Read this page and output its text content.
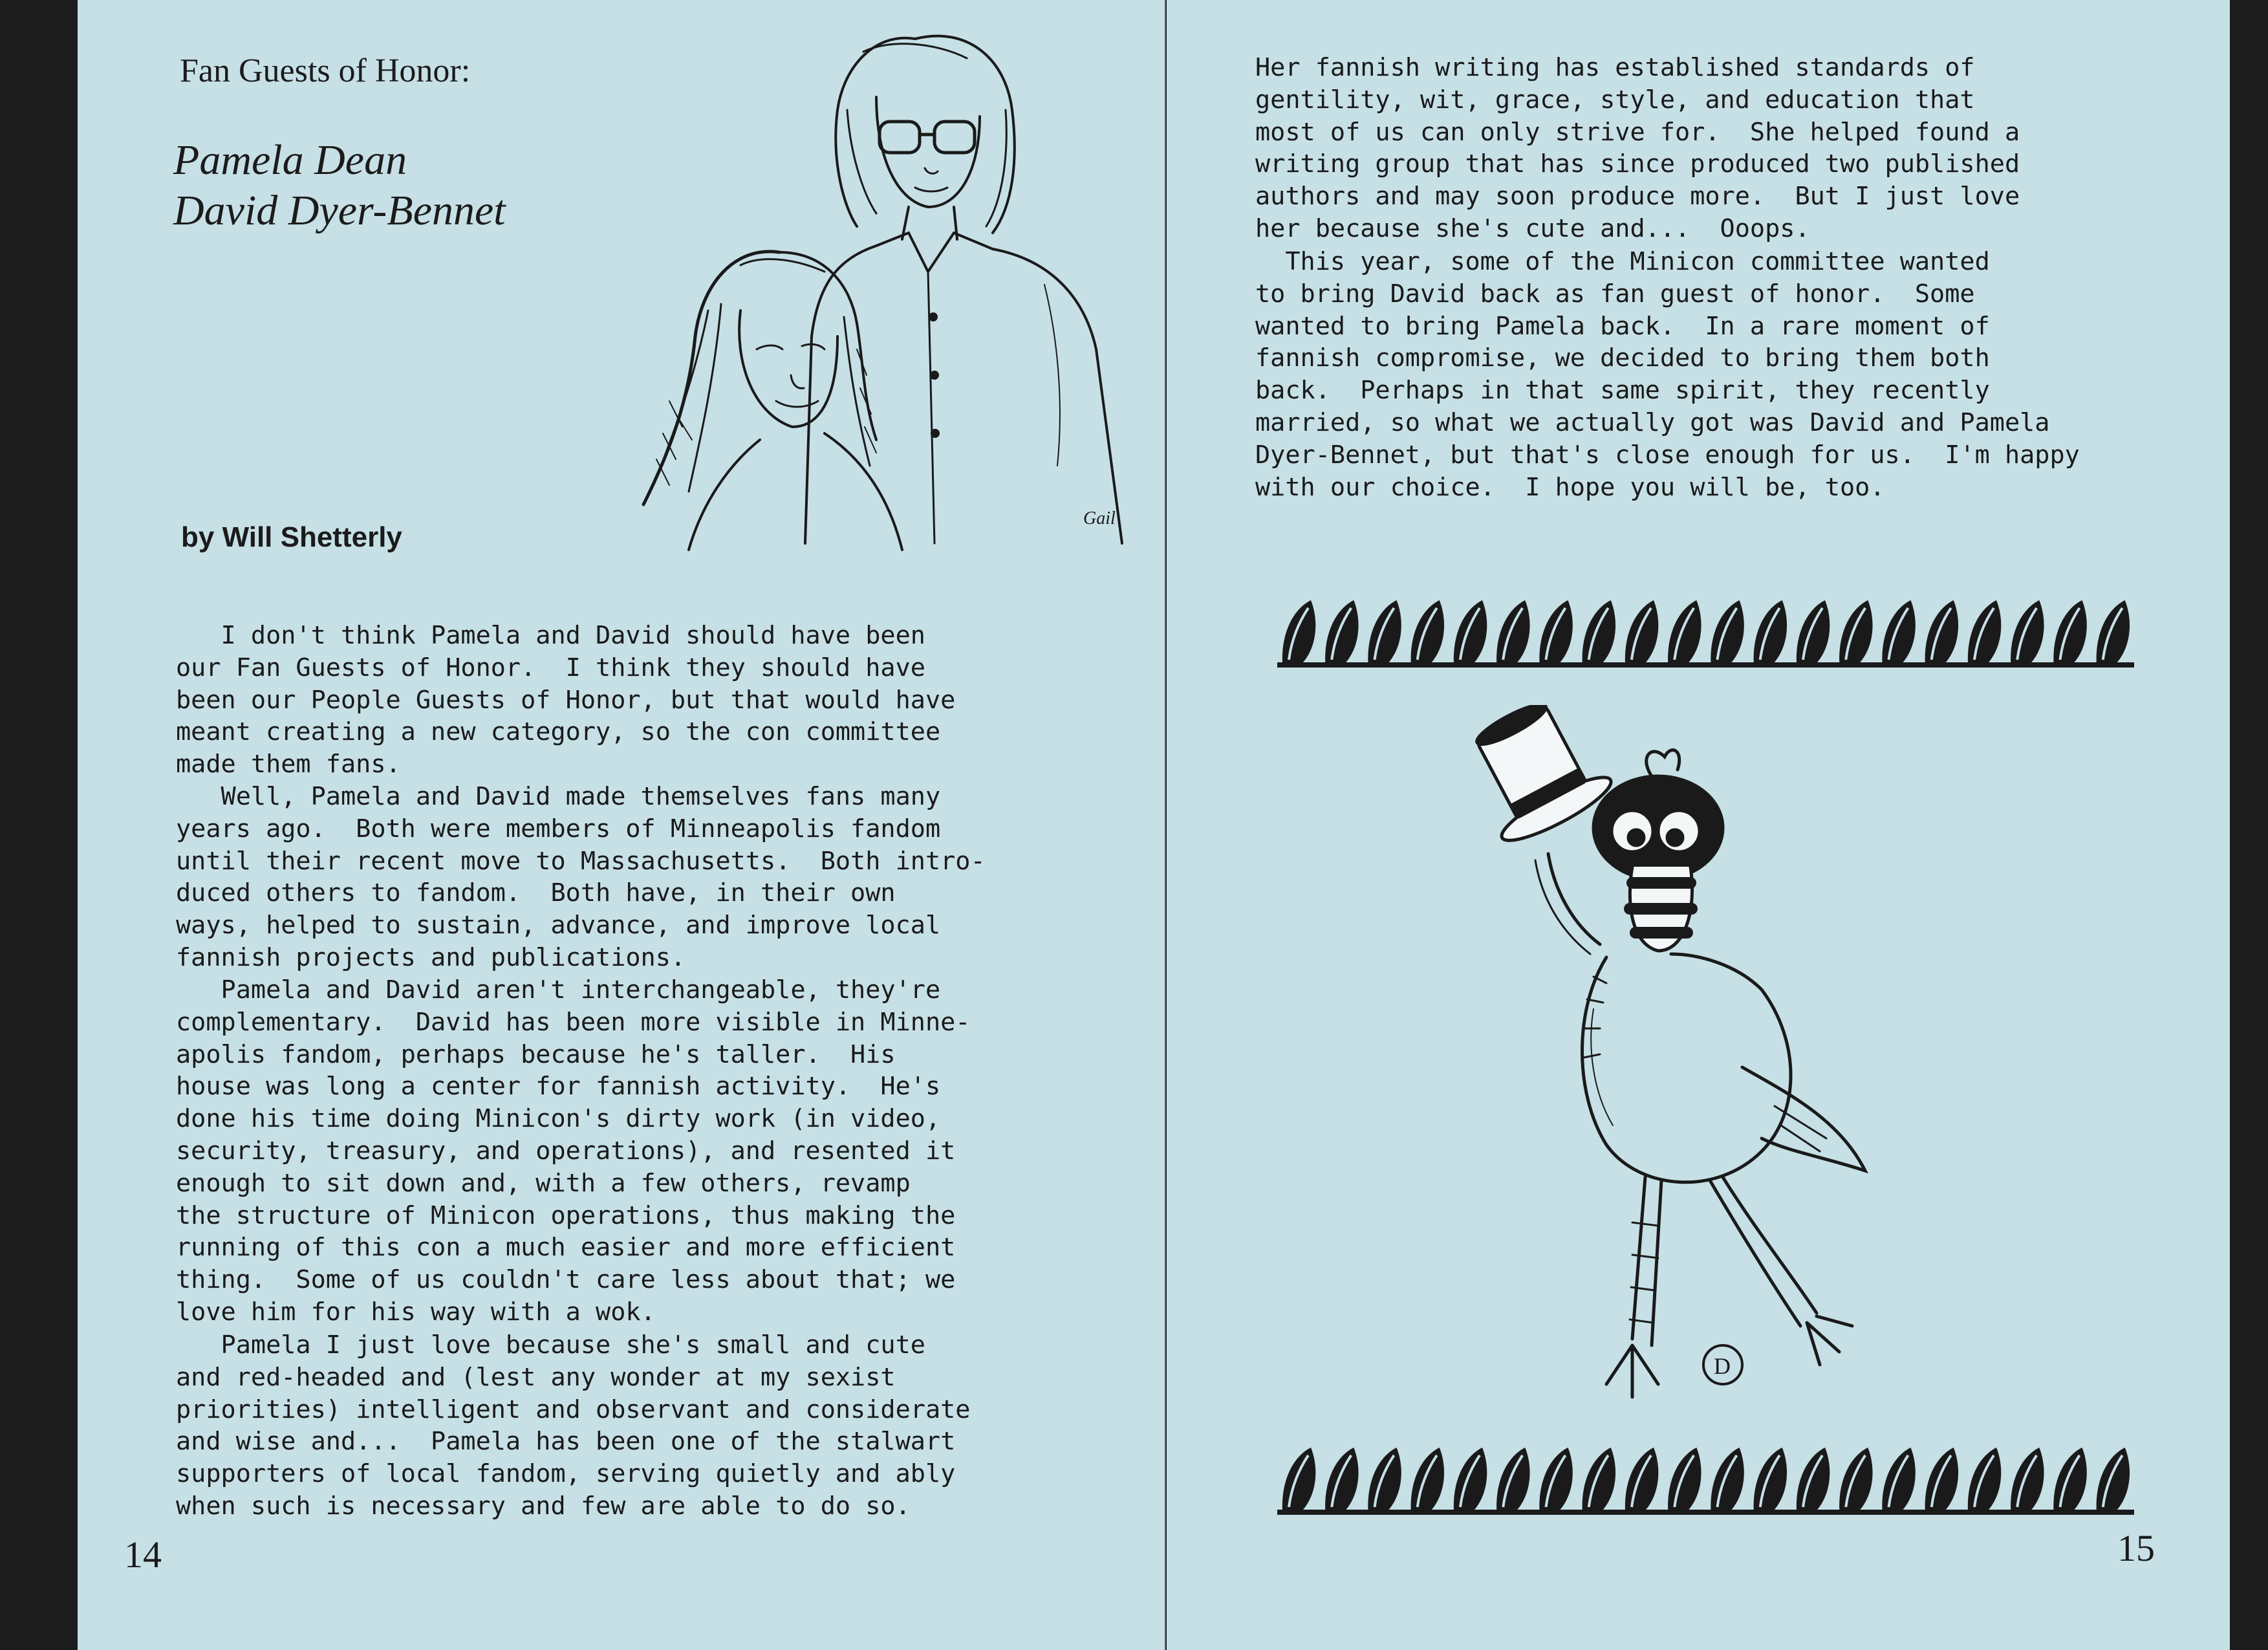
Fan Guests of Honor:
Pamela Dean
David Dyer-Bennet
Gail
by Will Shetterly
I don't think Pamela and David should have been
our Fan Guests of Honor.  I think they should have
been our People Guests of Honor, but that would have
meant creating a new category, so the con committee
made them fans.
Well, Pamela and David made themselves fans many
years ago.  Both were members of Minneapolis fandom
until their recent move to Massachusetts.  Both intro-
duced others to fandom.  Both have, in their own
ways, helped to sustain, advance, and improve local
fannish projects and publications.
Pamela and David aren't interchangeable, they're
complementary.  David has been more visible in Minne-
apolis fandom, perhaps because he's taller.  His
house was long a center for fannish activity.  He's
done his time doing Minicon's dirty work (in video,
security, treasury, and operations), and resented it
enough to sit down and, with a few others, revamp
the structure of Minicon operations, thus making the
running of this con a much easier and more efficient
thing.  Some of us couldn't care less about that; we
love him for his way with a wok.
Pamela I just love because she's small and cute
and red-headed and (lest any wonder at my sexist
priorities) intelligent and observant and considerate
and wise and...  Pamela has been one of the stalwart
supporters of local fandom, serving quietly and ably
when such is necessary and few are able to do so.
14

Her fannish writing has established standards of
gentility, wit, grace, style, and education that
most of us can only strive for.  She helped found a
writing group that has since produced two published
authors and may soon produce more.  But I just love
her because she's cute and...  Ooops.
This year, some of the Minicon committee wanted
to bring David back as fan guest of honor.  Some
wanted to bring Pamela back.  In a rare moment of
fannish compromise, we decided to bring them both
back.  Perhaps in that same spirit, they recently
married, so what we actually got was David and Pamela
Dyer-Bennet, but that's close enough for us.  I'm happy
with our choice.  I hope you will be, too.
D
15
